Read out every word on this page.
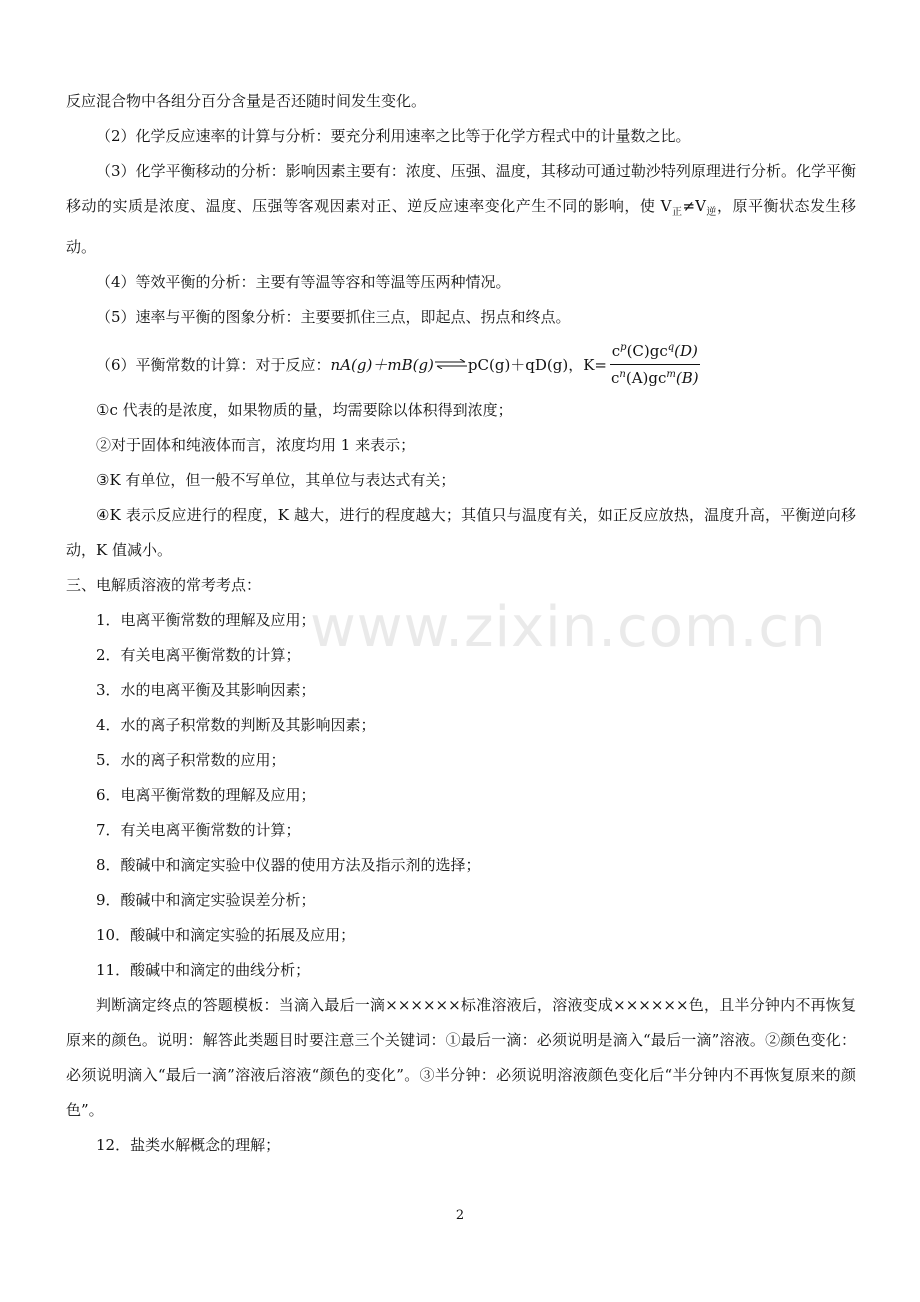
www.zixin.com.cn

反应混合物中各组分百分含量是否还随时间发生变化。

（2）化学反应速率的计算与分析：要充分利用速率之比等于化学方程式中的计量数之比。

（3）化学平衡移动的分析：影响因素主要有：浓度、压强、温度，其移动可通过勒沙特列原理进行分析。化学平衡移动的实质是浓度、温度、压强等客观因素对正、逆反应速率变化产生不同的影响，使 $V_正\ne V_逆$，原平衡状态发生移动。

（4）等效平衡的分析：主要有等温等容和等温等压两种情况。

（5）速率与平衡的图象分析：主要要抓住三点，即起点、拐点和终点。

（6）平衡常数的计算：对于反应： nA(g)＋mB(g) ⇌ pC(g)＋qD(g)，$K= \frac{c^p(C)gc^q(D)}{c^n(A)gc^m(B)}$

①c 代表的是浓度，如果物质的量，均需要除以体积得到浓度；

②对于固体和纯液体而言，浓度均用 1 来表示；

③K 有单位，但一般不写单位，其单位与表达式有关；

④K 表示反应进行的程度，K 越大，进行的程度越大；其值只与温度有关，如正反应放热，温度升高，平衡逆向移动，K 值减小。

三、电解质溶液的常考考点：

1．电离平衡常数的理解及应用；

2．有关电离平衡常数的计算；

3．水的电离平衡及其影响因素；

4．水的离子积常数的判断及其影响因素；

5．水的离子积常数的应用；

6．电离平衡常数的理解及应用；

7．有关电离平衡常数的计算；

8．酸碱中和滴定实验中仪器的使用方法及指示剂的选择；

9．酸碱中和滴定实验误差分析；

10．酸碱中和滴定实验的拓展及应用；

11．酸碱中和滴定的曲线分析；

判断滴定终点的答题模板：当滴入最后一滴××××××标准溶液后，溶液变成××××××色，且半分钟内不再恢复原来的颜色。说明：解答此类题目时要注意三个关键词：①最后一滴：必须说明是滴入“最后一滴”溶液。②颜色变化：必须说明滴入“最后一滴”溶液后溶液“颜色的变化”。③半分钟：必须说明溶液颜色变化后“半分钟内不再恢复原来的颜色”。

12．盐类水解概念的理解；

2
